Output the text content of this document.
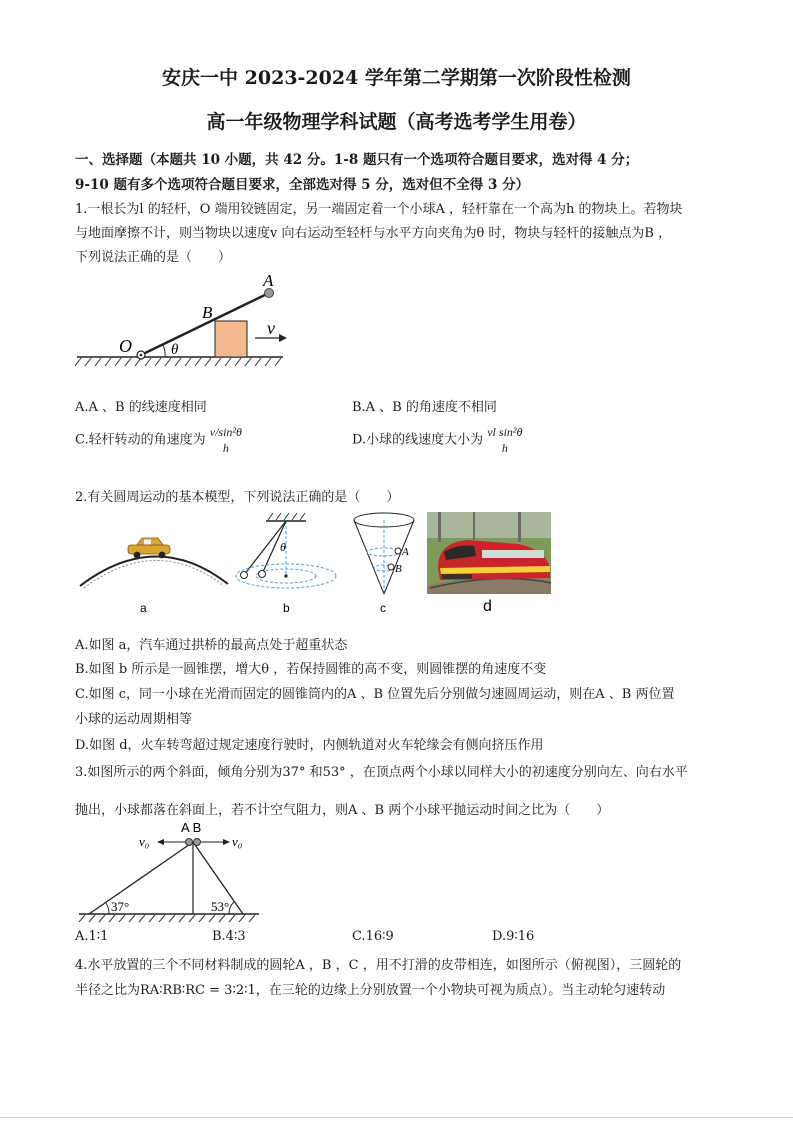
安庆一中 2023-2024 学年第二学期第一次阶段性检测
高一年级物理学科试题（高考选考学生用卷）
一、选择题（本题共 10 小题，共 42 分。1-8 题只有一个选项符合题目要求，选对得 4 分；
9-10 题有多个选项符合题目要求，全部选对得 5 分，选对但不全得 3 分）
1.一根长为l 的轻杆，O 端用铰链固定，另一端固定着一个小球A ，轻杆靠在一个高为h 的物块上。若物块
与地面摩擦不计，则当物块以速度v 向右运动至轻杆与水平方向夹角为θ 时，物块与轻杆的接触点为B ，
下列说法正确的是（　　）
O
B
A
v
θ
A.A 、B 的线速度相同	B.A 、B 的角速度不相同
C.轻杆转动的角速度为
v/sin²θ
h
D.小球的线速度大小为
vl sin²θ
h
2.有关圆周运动的基本模型，下列说法正确的是（　　）
a
θ
b
A
B
c	d
A.如图 a，汽车通过拱桥的最高点处于超重状态
B.如图 b 所示是一圆锥摆，增大θ ，若保持圆锥的高不变，则圆锥摆的角速度不变
C.如图 c，同一小球在光滑而固定的圆锥筒内的A 、B 位置先后分别做匀速圆周运动，则在A 、B 两位置
小球的运动周期相等
D.如图 d，火车转弯超过规定速度行驶时，内侧轨道对火车轮缘会有侧向挤压作用
3.如图所示的两个斜面，倾角分别为37° 和53° ，在顶点两个小球以同样大小的初速度分别向左、向右水平
抛出，小球都落在斜面上，若不计空气阻力，则A 、B 两个小球平抛运动时间之比为（　　）
A B
v₀	v₀
37°	53°
A.1∶1	B.4∶3	C.16∶9	D.9∶16
4.水平放置的三个不同材料制成的圆轮A ，B ，C ，用不打滑的皮带相连，如图所示（俯视图），三圆轮的
半径之比为RA∶RB∶RC = 3∶2∶1，在三轮的边缘上分别放置一个小物块可视为质点）。当主动轮匀速转动
